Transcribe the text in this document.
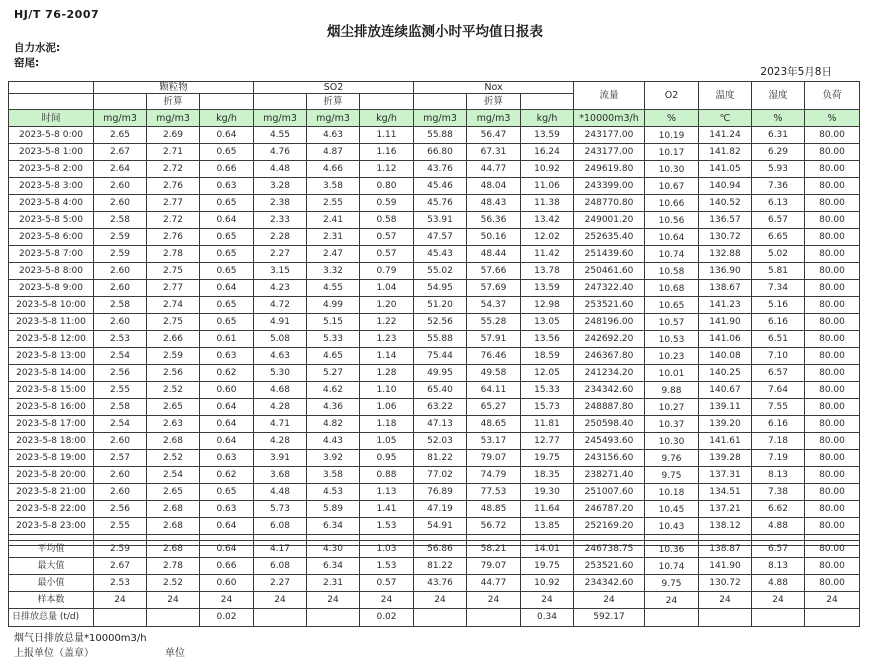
HJ/T 76-2007
烟尘排放连续监测小时平均值日报表
自力水泥:
窑尾:
2023年5月8日
	颗粒物			SO2			Nox			流量	O2	温度	湿度	负荷
		折算			折算			折算						
时间	mg/m3	mg/m3	kg/h	mg/m3	mg/m3	kg/h	mg/m3	mg/m3	kg/h	*10000m3/h	%	℃	%	%
2023-5-8 0:00	2.65	2.69	0.64	4.55	4.63	1.11	55.88	56.47	13.59	243177.00	10.19	141.24	6.31	80.00
2023-5-8 1:00	2.67	2.71	0.65	4.76	4.87	1.16	66.80	67.31	16.24	243177.00	10.17	141.82	6.29	80.00
2023-5-8 2:00	2.64	2.72	0.66	4.48	4.66	1.12	43.76	44.77	10.92	249619.80	10.30	141.05	5.93	80.00
2023-5-8 3:00	2.60	2.76	0.63	3.28	3.58	0.80	45.46	48.04	11.06	243399.00	10.67	140.94	7.36	80.00
2023-5-8 4:00	2.60	2.77	0.65	2.38	2.55	0.59	45.76	48.43	11.38	248770.80	10.66	140.52	6.13	80.00
2023-5-8 5:00	2.58	2.72	0.64	2.33	2.41	0.58	53.91	56.36	13.42	249001.20	10.56	136.57	6.57	80.00
2023-5-8 6:00	2.59	2.76	0.65	2.28	2.31	0.57	47.57	50.16	12.02	252635.40	10.64	130.72	6.65	80.00
2023-5-8 7:00	2.59	2.78	0.65	2.27	2.47	0.57	45.43	48.44	11.42	251439.60	10.74	132.88	5.02	80.00
2023-5-8 8:00	2.60	2.75	0.65	3.15	3.32	0.79	55.02	57.66	13.78	250461.60	10.58	136.90	5.81	80.00
2023-5-8 9:00	2.60	2.77	0.64	4.23	4.55	1.04	54.95	57.69	13.59	247322.40	10.68	138.67	7.34	80.00
2023-5-8 10:00	2.58	2.74	0.65	4.72	4.99	1.20	51.20	54.37	12.98	253521.60	10.65	141.23	5.16	80.00
2023-5-8 11:00	2.60	2.75	0.65	4.91	5.15	1.22	52.56	55.28	13.05	248196.00	10.57	141.90	6.16	80.00
2023-5-8 12:00	2.53	2.66	0.61	5.08	5.33	1.23	55.88	57.91	13.56	242692.20	10.53	141.06	6.51	80.00
2023-5-8 13:00	2.54	2.59	0.63	4.63	4.65	1.14	75.44	76.46	18.59	246367.80	10.23	140.08	7.10	80.00
2023-5-8 14:00	2.56	2.56	0.62	5.30	5.27	1.28	49.95	49.58	12.05	241234.20	10.01	140.25	6.57	80.00
2023-5-8 15:00	2.55	2.52	0.60	4.68	4.62	1.10	65.40	64.11	15.33	234342.60	9.88	140.67	7.64	80.00
2023-5-8 16:00	2.58	2.65	0.64	4.28	4.36	1.06	63.22	65.27	15.73	248887.80	10.27	139.11	7.55	80.00
2023-5-8 17:00	2.54	2.63	0.64	4.71	4.82	1.18	47.13	48.65	11.81	250598.40	10.37	139.20	6.16	80.00
2023-5-8 18:00	2.60	2.68	0.64	4.28	4.43	1.05	52.03	53.17	12.77	245493.60	10.30	141.61	7.18	80.00
2023-5-8 19:00	2.57	2.52	0.63	3.91	3.92	0.95	81.22	79.07	19.75	243156.60	9.76	139.28	7.19	80.00
2023-5-8 20:00	2.60	2.54	0.62	3.68	3.58	0.88	77.02	74.79	18.35	238271.40	9.75	137.31	8.13	80.00
2023-5-8 21:00	2.60	2.65	0.65	4.48	4.53	1.13	76.89	77.53	19.30	251007.60	10.18	134.51	7.38	80.00
2023-5-8 22:00	2.56	2.68	0.63	5.73	5.89	1.41	47.19	48.85	11.64	246787.20	10.45	137.21	6.62	80.00
2023-5-8 23:00	2.55	2.68	0.64	6.08	6.34	1.53	54.91	56.72	13.85	252169.20	10.43	138.12	4.88	80.00

平均值	2.59	2.68	0.64	4.17	4.30	1.03	56.86	58.21	14.01	246738.75	10.36	138.87	6.57	80.00
最大值	2.67	2.78	0.66	6.08	6.34	1.53	81.22	79.07	19.75	253521.60	10.74	141.90	8.13	80.00
最小值	2.53	2.52	0.60	2.27	2.31	0.57	43.76	44.77	10.92	234342.60	9.75	130.72	4.88	80.00
样本数	24	24	24	24	24	24	24	24	24	24	24	24	24	24
日排放总量 (t/d)			0.02			0.02			0.34	592.17				
烟气日排放总量*10000m3/h
上报单位（盖章）	单位
